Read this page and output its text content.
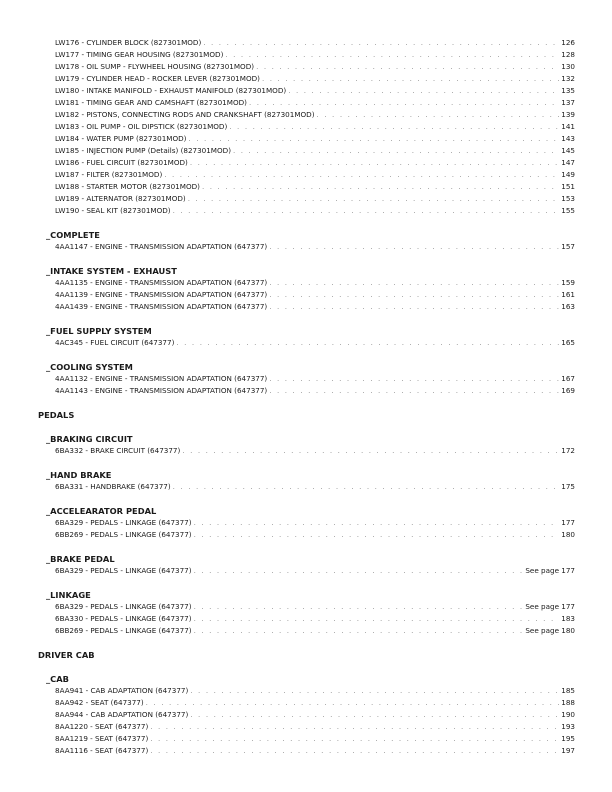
LW176 - CYLINDER BLOCK (827301MOD) . . .	126
LW177 - TIMING GEAR HOUSING (827301MOD) . . .	128
LW178 - OIL SUMP - FLYWHEEL HOUSING (827301MOD) . . .	130
LW179 - CYLINDER HEAD - ROCKER LEVER (827301MOD) . . .	132
LW180 - INTAKE MANIFOLD - EXHAUST MANIFOLD (827301MOD) . . .	135
LW181 - TIMING GEAR AND CAMSHAFT (827301MOD) . . .	137
LW182 - PISTONS, CONNECTING RODS AND CRANKSHAFT (827301MOD) . . .	139
LW183 - OIL PUMP - OIL DIPSTICK (827301MOD) . . .	141
LW184 - WATER PUMP (827301MOD) . . .	143
LW185 - INJECTION PUMP (Details) (827301MOD) . . .	145
LW186 - FUEL CIRCUIT (827301MOD) . . .	147
LW187 - FILTER (827301MOD) . . .	149
LW188 - STARTER MOTOR (827301MOD) . . .	151
LW189 - ALTERNATOR (827301MOD) . . .	153
LW190 - SEAL KIT (827301MOD) . . .	155
_COMPLETE
4AA1147 - ENGINE - TRANSMISSION ADAPTATION (647377) . . .	157
_INTAKE SYSTEM - EXHAUST
4AA1135 - ENGINE - TRANSMISSION ADAPTATION (647377) . . .	159
4AA1139 - ENGINE - TRANSMISSION ADAPTATION (647377) . . .	161
4AA1439 - ENGINE - TRANSMISSION ADAPTATION (647377) . . .	163
_FUEL SUPPLY SYSTEM
4AC345 - FUEL CIRCUIT (647377) . . .	165
_COOLING SYSTEM
4AA1132 - ENGINE - TRANSMISSION ADAPTATION (647377) . . .	167
4AA1143 - ENGINE - TRANSMISSION ADAPTATION (647377) . . .	169
PEDALS
_BRAKING CIRCUIT
6BA332 - BRAKE CIRCUIT (647377) . . .	172
_HAND BRAKE
6BA331 - HANDBRAKE (647377) . . .	175
_ACCELEARATOR PEDAL
6BA329 - PEDALS - LINKAGE (647377) . . .	177
6BB269 - PEDALS - LINKAGE (647377) . . .	180
_BRAKE PEDAL
6BA329 - PEDALS - LINKAGE (647377) . . .	See page 177
_LINKAGE
6BA329 - PEDALS - LINKAGE (647377) . . .	See page 177
6BA330 - PEDALS - LINKAGE (647377) . . .	183
6BB269 - PEDALS - LINKAGE (647377) . . .	See page 180
DRIVER CAB
_CAB
8AA941 - CAB ADAPTATION (647377) . . .	185
8AA942 - SEAT (647377) . . .	188
8AA944 - CAB ADAPTATION (647377) . . .	190
8AA1220 - SEAT (647377) . . .	193
8AA1219 - SEAT (647377) . . .	195
8AA1116 - SEAT (647377) . . .	197
